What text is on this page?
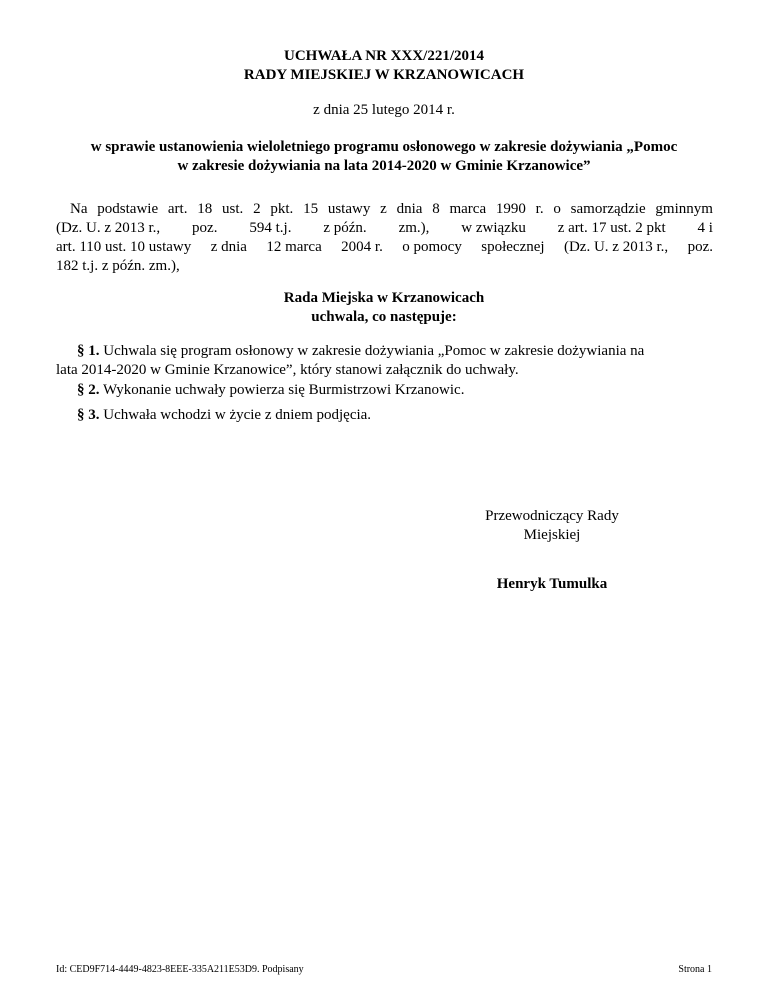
UCHWAŁA NR XXX/221/2014
RADY MIEJSKIEJ W KRZANOWICACH
z dnia 25 lutego 2014 r.
w sprawie ustanowienia wieloletniego programu osłonowego w zakresie dożywiania „Pomoc
w zakresie dożywiania na lata 2014-2020 w Gminie Krzanowice”
Na podstawie art. 18 ust. 2 pkt. 15 ustawy z dnia 8 marca 1990 r. o samorządzie gminnym
(Dz. U. z 2013 r., poz. 594 t.j. z późn. zm.), w związku z art. 17 ust. 2 pkt 4 i
art. 110 ust. 10 ustawy z dnia 12 marca 2004 r. o pomocy społecznej (Dz. U. z 2013 r., poz.
182 t.j. z późn. zm.),
Rada Miejska w Krzanowicach
uchwala, co następuje:
§ 1. Uchwala się program osłonowy w zakresie dożywiania „Pomoc w zakresie dożywiania na
lata 2014-2020 w Gminie Krzanowice”, który stanowi załącznik do uchwały.
§ 2. Wykonanie uchwały powierza się Burmistrzowi Krzanowic.
§ 3. Uchwała wchodzi w życie z dniem podjęcia.
Przewodniczący Rady
Miejskiej
Henryk Tumulka
Id: CED9F714-4449-4823-8EEE-335A211E53D9. Podpisany	Strona 1
